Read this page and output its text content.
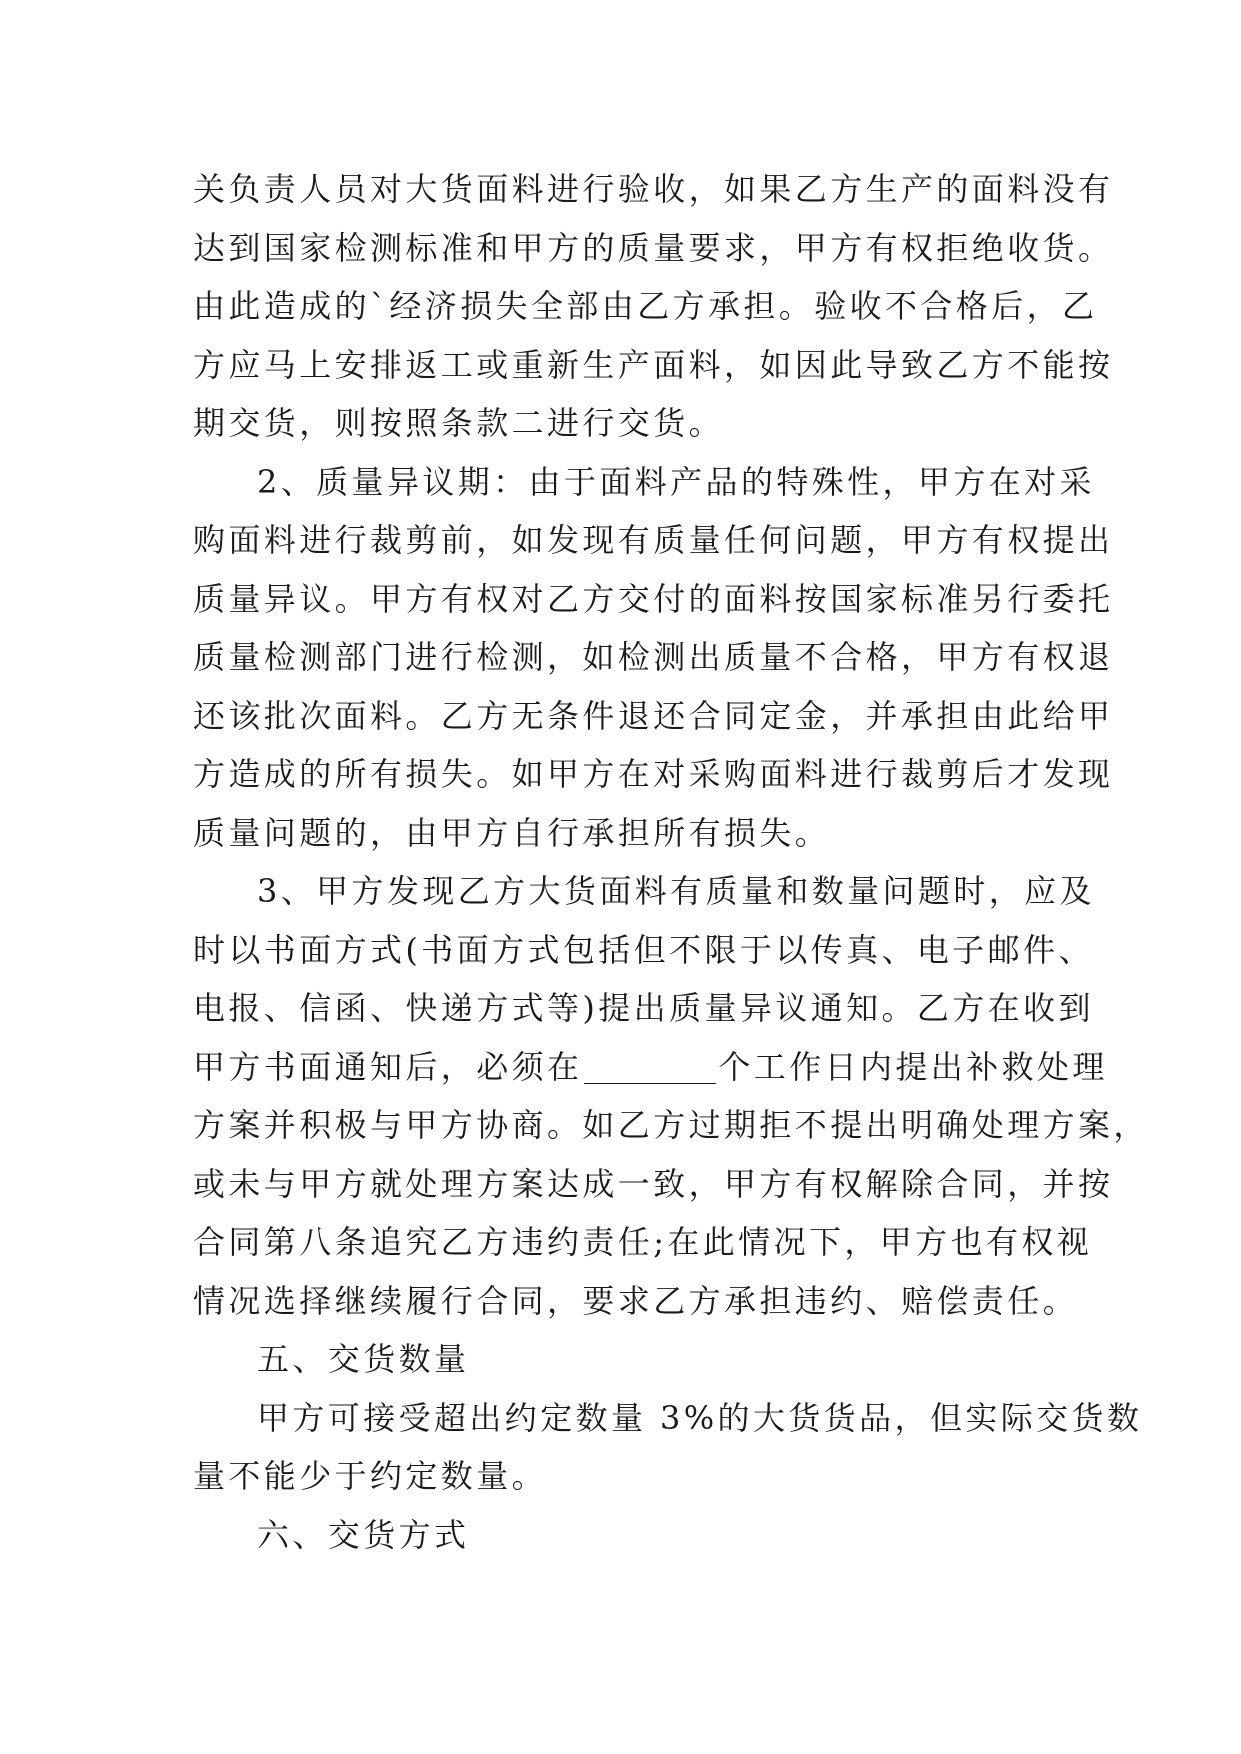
关负责人员对大货面料进行验收，如果乙方生产的面料没有
达到国家检测标准和甲方的质量要求，甲方有权拒绝收货。
由此造成的`经济损失全部由乙方承担。验收不合格后，乙
方应马上安排返工或重新生产面料，如因此导致乙方不能按
期交货，则按照条款二进行交货。
2、质量异议期：由于面料产品的特殊性，甲方在对采
购面料进行裁剪前，如发现有质量任何问题，甲方有权提出
质量异议。甲方有权对乙方交付的面料按国家标准另行委托
质量检测部门进行检测，如检测出质量不合格，甲方有权退
还该批次面料。乙方无条件退还合同定金，并承担由此给甲
方造成的所有损失。如甲方在对采购面料进行裁剪后才发现
质量问题的，由甲方自行承担所有损失。
3、甲方发现乙方大货面料有质量和数量问题时，应及
时以书面方式(书面方式包括但不限于以传真、电子邮件、
电报、信函、快递方式等)提出质量异议通知。乙方在收到
甲方书面通知后，必须在	个工作日内提出补救处理
方案并积极与甲方协商。如乙方过期拒不提出明确处理方案，
或未与甲方就处理方案达成一致，甲方有权解除合同，并按
合同第八条追究乙方违约责任;在此情况下，甲方也有权视
情况选择继续履行合同，要求乙方承担违约、赔偿责任。
五、交货数量
甲方可接受超出约定数量 3%的大货货品，但实际交货数
量不能少于约定数量。
六、交货方式
